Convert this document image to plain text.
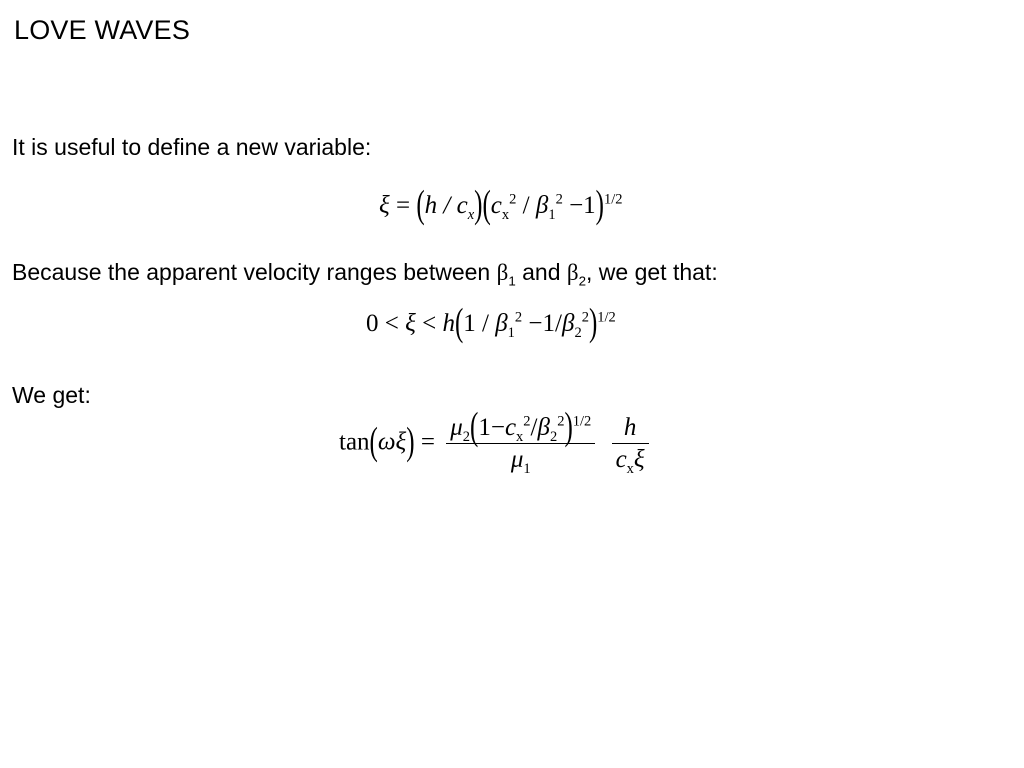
LOVE WAVES
It is useful to define a new variable:
$\xi = (h / c_x)(c_x^2 / \beta_1^2 -1)^{1/2}$
Because the apparent velocity ranges between $\beta_1$ and $\beta_2$, we get that:
$0 < \xi < h(1 / \beta_1^2 -1/\beta_2^2)^{1/2}$
We get:
$\tan(\omega\xi) = \frac{\mu_2(1-c_x^2/\beta_2^2)^{1/2}}{\mu_1}$
$\frac{h}{c_x\xi}$
